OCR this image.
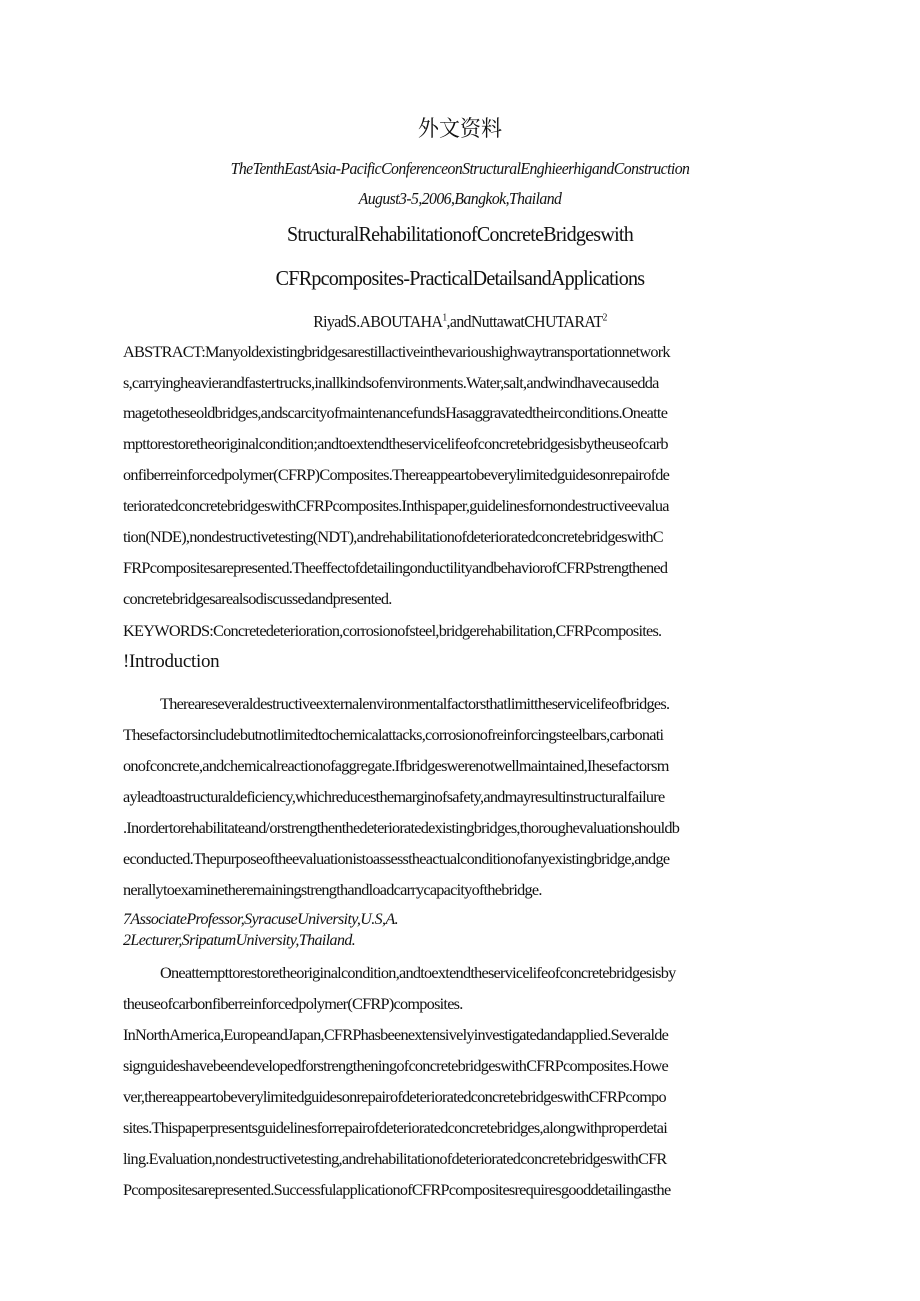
外文资料
TheTenthEastAsia-PacificConferenceonStructuralEnghieerhigandConstruction
August3-5,2006,Bangkok,Thailand
StructuralRehabilitationofConcreteBridgeswith
CFRpcomposites-PracticalDetailsandApplications
RiyadS.ABOUTAHA$^1$,andNuttawatCHUTARAT$^2$
ABSTRACT:Manyoldexistingbridgesarestillactiveinthevarioushighwaytransportationnetwork
s,carryingheavierandfastertrucks,inallkindsofenvironments.Water,salt,andwindhavecausedda
magetotheseoldbridges,andscarcityofmaintenancefundsHasaggravatedtheirconditions.Oneatte
mpttorestoretheoriginalcondition;andtoextendtheservicelifeofconcretebridgesisbytheuseofcarb
onfiberreinforcedpolymer(CFRP)Composites.Thereappeartobeverylimitedguidesonrepairofde
terioratedconcretebridgeswithCFRPcomposites.Inthispaper,guidelinesfornondestructiveevalua
tion(NDE),nondestructivetesting(NDT),andrehabilitationofdeterioratedconcretebridgeswithC
FRPcompositesarepresented.TheeffectofdetailingonductilityandbehaviorofCFRPstrengthened
concretebridgesarealsodiscussedandpresented.
KEYWORDS:Concretedeterioration,corrosionofsteel,bridgerehabilitation,CFRPcomposites.
!Introduction
Thereareseveraldestructiveexternalenvironmentalfactorsthatlimittheservicelifeofbridges.
Thesefactorsincludebutnotlimitedtochemicalattacks,corrosionofreinforcingsteelbars,carbonati
onofconcrete,andchemicalreactionofaggregate.Ifbridgeswerenotwellmaintained,Ihesefactorsm
ayleadtoastructuraldeficiency,whichreducesthemarginofsafety,andmayresultinstructuralfailure
.Inordertorehabilitateand/orstrengthenthedeterioratedexistingbridges,thoroughevaluationshouldb
econducted.Thepurposeoftheevaluationistoassesstheactualconditionofanyexistingbridge,andge
nerallytoexaminetheremainingstrengthandloadcarrycapacityofthebridge.
7AssociateProfessor,SyracuseUniversity,U.S,A.
2Lecturer,SripatumUniversity,Thailand.
Oneattempttorestoretheoriginalcondition,andtoextendtheservicelifeofconcretebridgesisby
theuseofcarbonfiberreinforcedpolymer(CFRP)composites.
InNorthAmerica,EuropeandJapan,CFRPhasbeenextensivelyinvestigatedandapplied.Severalde
signguideshavebeendevelopedforstrengtheningofconcretebridgeswithCFRPcomposites.Howe
ver,thereappeartobeverylimitedguidesonrepairofdeterioratedconcretebridgeswithCFRPcompo
sites.Thispaperpresentsguidelinesforrepairofdeterioratedconcretebridges,alongwithproperdetai
ling.Evaluation,nondestructivetesting,andrehabilitationofdeterioratedconcretebridgeswithCFR
Pcompositesarepresented.SuccessfulapplicationofCFRPcompositesrequiresgooddetailingasthe
